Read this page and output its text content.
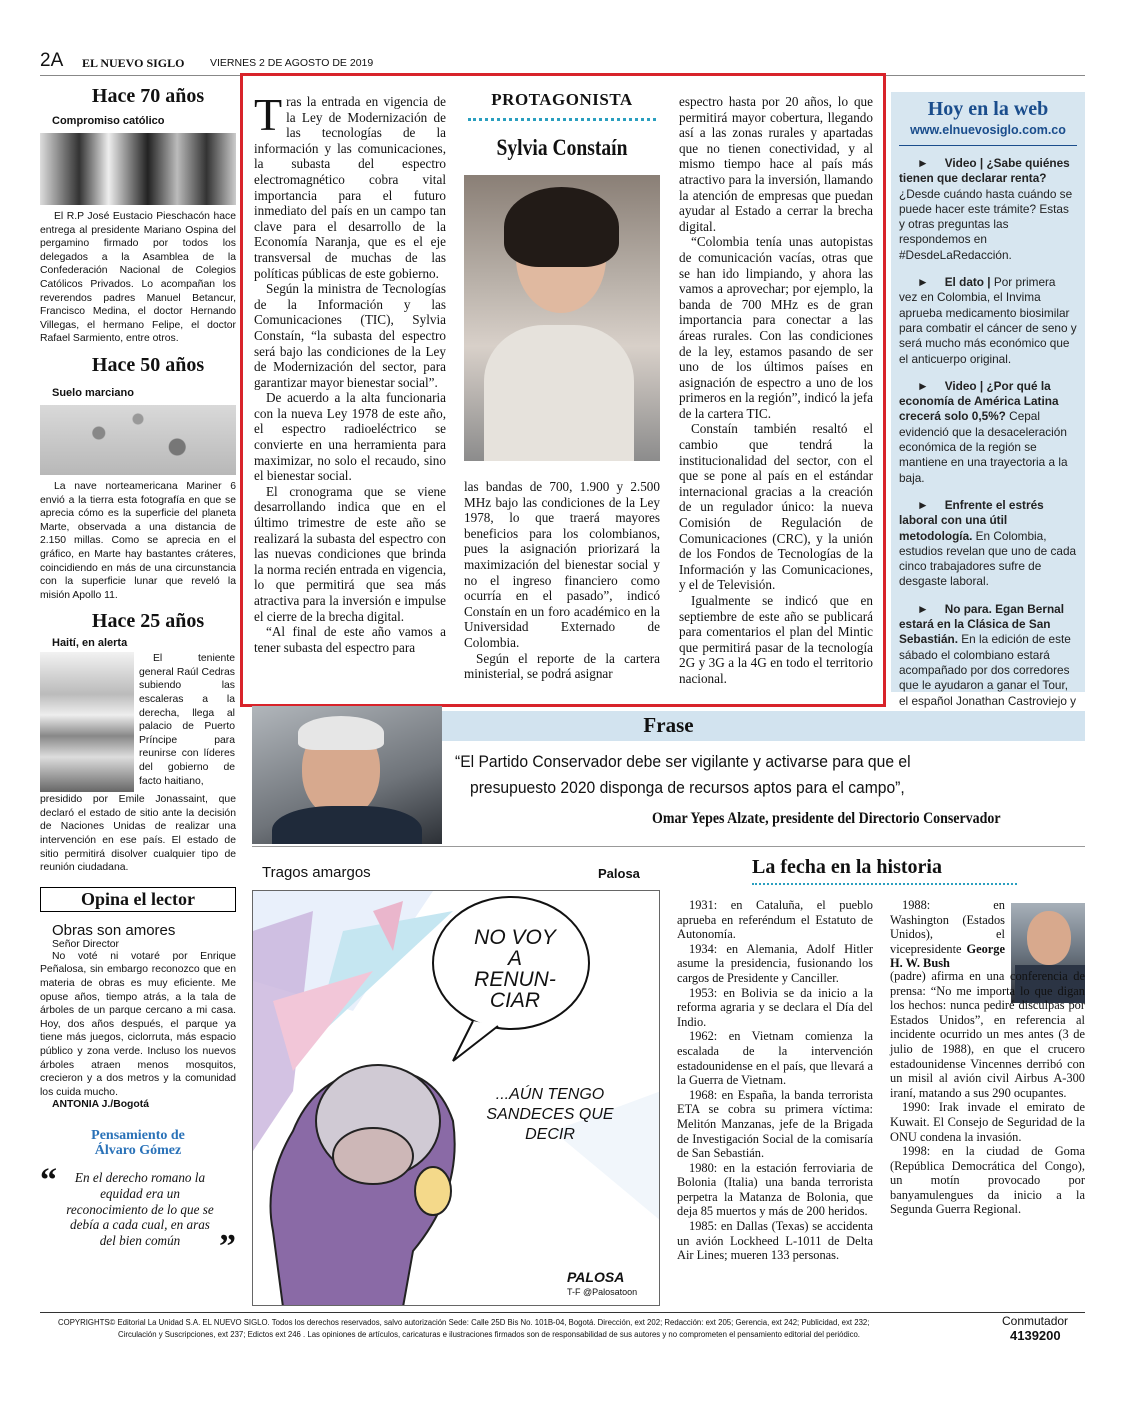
2A EL NUEVO SIGLO VIERNES 2 DE AGOSTO DE 2019
Hace 70 años
Compromiso católico
El R.P José Eustacio Pieschacón hace entrega al presidente Mariano Ospina del pergamino firmado por todos los delegados a la Asamblea de la Confederación Nacional de Colegios Católicos Privados. Lo acompañan los reverendos padres Manuel Betancur, Francisco Medina, el doctor Hernando Villegas, el hermano Felipe, el doctor Rafael Sarmiento, entre otros.
Hace 50 años
Suelo marciano
La nave norteamericana Mariner 6 envió a la tierra esta fotografía en que se aprecia cómo es la superficie del planeta Marte, observada a una distancia de 2.150 millas. Como se aprecia en el gráfico, en Marte hay bastantes cráteres, coincidiendo en más de una circunstancia con la superficie lunar que reveló la misión Apollo 11.
Hace 25 años
Haití, en alerta
El teniente general Raúl Cedras subiendo las escaleras a la derecha, llega al palacio de Puerto Príncipe para reunirse con líderes del gobierno de facto haitiano,
presidido por Emile Jonassaint, que declaró el estado de sitio ante la decisión de Naciones Unidas de realizar una intervención en ese país. El estado de sitio permitirá disolver cualquier tipo de reunión ciudadana.
Opina el lector
Obras son amores
Señor Director
No voté ni votaré por Enrique Peñalosa, sin embargo reconozco que en materia de obras es muy eficiente. Me opuse años, tiempo atrás, a la tala de árboles de un parque cercano a mi casa. Hoy, dos años después, el parque ya tiene más juegos, ciclorruta, más espacio público y zona verde. Incluso los nuevos árboles atraen menos mosquitos, crecieron y a dos metros y la comunidad los cuida mucho.
ANTONIA J./Bogotá
Pensamiento de Álvaro Gómez
“	En el derecho romano la equidad era un reconocimiento de lo que se debía a cada cual, en aras del bien común	”

Tras la entrada en vigencia de la Ley de Modernización de las tecnologías de la información y las comunicaciones, la subasta del espectro electromagnético cobra vital importancia para el futuro inmediato del país en un campo tan clave para el desarrollo de la Economía Naranja, que es el eje transversal de muchas de las políticas públicas de este gobierno.

Según la ministra de Tecnologías de la Información y las Comunicaciones (TIC), Sylvia Constaín, “la subasta del espectro será bajo las condiciones de la Ley de Modernización del sector, para garantizar mayor bienestar social”.

De acuerdo a la alta funcionaria con la nueva Ley 1978 de este año, el espectro radioeléctrico se convierte en una herramienta para maximizar, no solo el recaudo, sino el bienestar social.

El cronograma que se viene desarrollando indica que en el último trimestre de este año se realizará la subasta del espectro con las nuevas condiciones que brinda la norma recién entrada en vigencia, lo que permitirá que sea más atractiva para la inversión e impulse el cierre de la brecha digital.

“Al final de este año vamos a tener subasta del espectro para

PROTAGONISTA
Sylvia Constaín

las bandas de 700, 1.900 y 2.500 MHz bajo las condiciones de la Ley 1978, lo que traerá mayores beneficios para los colombianos, pues la asignación priorizará la maximización del bienestar social y no el ingreso financiero como ocurría en el pasado”, indicó Constaín en un foro académico en la Universidad Externado de Colombia.

Según el reporte de la cartera ministerial, se podrá asignar

espectro hasta por 20 años, lo que permitirá mayor cobertura, llegando así a las zonas rurales y apartadas que no tienen conectividad, y al mismo tiempo hace al país más atractivo para la inversión, llamando la atención de empresas que puedan ayudar al Estado a cerrar la brecha digital.

“Colombia tenía unas autopistas de comunicación vacías, otras que se han ido limpiando, y ahora las vamos a aprovechar; por ejemplo, la banda de 700 MHz es de gran importancia para conectar a las áreas rurales. Con las condiciones de la ley, estamos pasando de ser uno de los últimos países en asignación de espectro a uno de los primeros en la región”, indicó la jefa de la cartera TIC.

Constaín también resaltó el cambio que tendrá la institucionalidad del sector, con el que se pone al país en el estándar internacional gracias a la creación de un regulador único: la nueva Comisión de Regulación de Comunicaciones (CRC), y la unión de los Fondos de Tecnologías de la Información y las Comunicaciones, y el de Televisión.

Igualmente se indicó que en septiembre de este año se publicará para comentarios el plan del Mintic que permitirá pasar de la tecnología 2G y 3G a la 4G en todo el territorio nacional.

Hoy en la web
www.elnuevosiglo.com.co
► Video | ¿Sabe quiénes tienen que declarar renta? ¿Desde cuándo hasta cuándo se puede hacer este trámite? Estas y otras preguntas las respondemos en #DesdeLaRedacción.
► El dato | Por primera vez en Colombia, el Invima aprueba medicamento biosimilar para combatir el cáncer de seno y será mucho más económico que el anticuerpo original.
► Video | ¿Por qué la economía de América Latina crecerá solo 0,5%? Cepal evidenció que la desaceleración económica de la región se mantiene en una trayectoria a la baja.
► Enfrente el estrés laboral con una útil metodología. En Colombia, estudios revelan que uno de cada cinco trabajadores sufre de desgaste laboral.
► No para. Egan Bernal estará en la Clásica de San Sebastián. En la edición de este sábado el colombiano estará acompañado por dos corredores que le ayudaron a ganar el Tour, el español Jonathan Castroviejo y
Frase
“El Partido Conservador debe ser vigilante y activarse para que el
presupuesto 2020 disponga de recursos aptos para el campo”,
Omar Yepes Alzate, presidente del Directorio Conservador
Tragos amargos	Palosa
NO VOY A RENUN-CIAR
...AÚN TENGO SANDECES QUE DECIR
PALOSA
T-F @Palosatoon
La fecha en la historia

1931: en Cataluña, el pueblo aprueba en referéndum el Estatuto de Autonomía.

1934: en Alemania, Adolf Hitler asume la presidencia, fusionando los cargos de Presidente y Canciller.

1953: en Bolivia se da inicio a la reforma agraria y se declara el Día del Indio.

1962: en Vietnam comienza la escalada de la intervención estadounidense en el país, que llevará a la Guerra de Vietnam.

1968: en España, la banda terrorista ETA se cobra su primera víctima: Melitón Manzanas, jefe de la Brigada de Investigación Social de la comisaría de San Sebastián.

1980: en la estación ferroviaria de Bolonia (Italia) una banda terrorista perpetra la Matanza de Bolonia, que deja 85 muertos y más de 200 heridos.

1985: en Dallas (Texas) se accidenta un avión Lockheed L-1011 de Delta Air Lines; mueren 133 personas.

1988: en Washington (Estados Unidos), el vicepresidente George H. W. Bush

(padre) afirma en una conferencia de prensa: “No me importa lo que digan los hechos: nunca pediré disculpas por Estados Unidos”, en referencia al incidente ocurrido un mes antes (3 de julio de 1988), en que el crucero estadounidense Vincennes derribó con un misil al avión civil Airbus A-300 iraní, matando a sus 290 ocupantes.

1990: Irak invade el emirato de Kuwait. El Consejo de Seguridad de la ONU condena la invasión.

1998: en la ciudad de Goma (República Democrática del Congo), un motín provocado por banyamulengues da inicio a la Segunda Guerra Regional.

COPYRIGHTS© Editorial La Unidad S.A. EL NUEVO SIGLO. Todos los derechos reservados, salvo autorización Sede: Calle 25D Bis No. 101B-04, Bogotá. Dirección, ext 202; Redacción: ext 205; Gerencia, ext 242; Publicidad, ext 232;
Circulación y Suscripciones, ext 237; Edictos ext 246 . Las opiniones de artículos, caricaturas e ilustraciones firmados son de responsabilidad de sus autores y no comprometen el pensamiento editorial del periódico.
Conmutador
4139200
